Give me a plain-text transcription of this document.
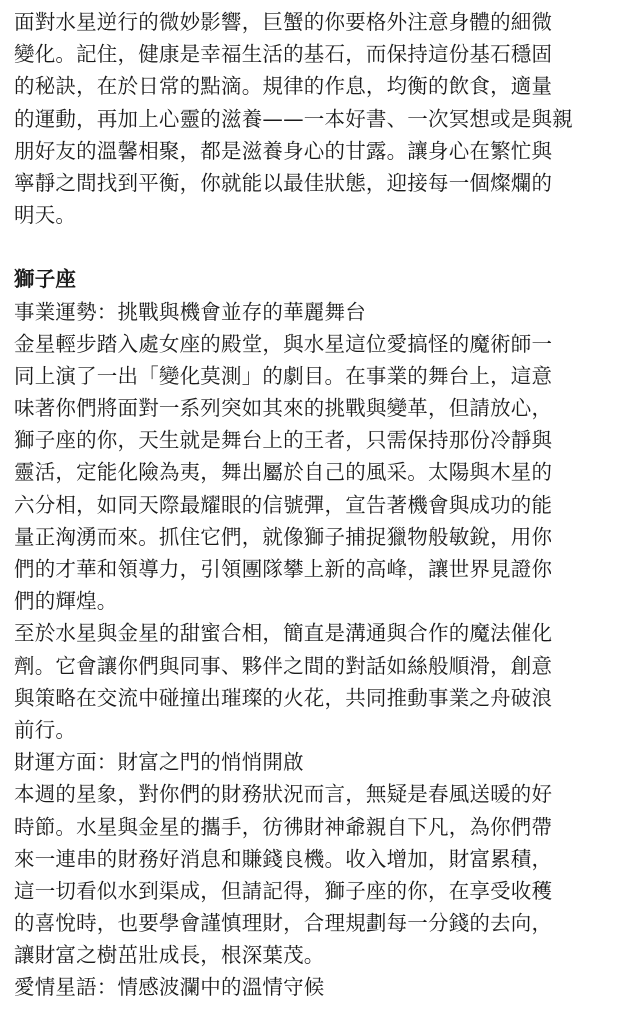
面對水星逆行的微妙影響，巨蟹的你要格外注意身體的細微
變化。記住，健康是幸福生活的基石，而保持這份基石穩固
的秘訣，在於日常的點滴。規律的作息，均衡的飲食，適量
的運動，再加上心靈的滋養——一本好書、一次冥想或是與親
朋好友的溫馨相聚，都是滋養身心的甘露。讓身心在繁忙與
寧靜之間找到平衡，你就能以最佳狀態，迎接每一個燦爛的
明天。
獅子座
事業運勢：挑戰與機會並存的華麗舞台
金星輕步踏入處女座的殿堂，與水星這位愛搞怪的魔術師一
同上演了一出「變化莫測」的劇目。在事業的舞台上，這意
味著你們將面對一系列突如其來的挑戰與變革，但請放心，
獅子座的你，天生就是舞台上的王者，只需保持那份冷靜與
靈活，定能化險為夷，舞出屬於自己的風采。太陽與木星的
六分相，如同天際最耀眼的信號彈，宣告著機會與成功的能
量正洶湧而來。抓住它們，就像獅子捕捉獵物般敏銳，用你
們的才華和領導力，引領團隊攀上新的高峰，讓世界見證你
們的輝煌。
至於水星與金星的甜蜜合相，簡直是溝通與合作的魔法催化
劑。它會讓你們與同事、夥伴之間的對話如絲般順滑，創意
與策略在交流中碰撞出璀璨的火花，共同推動事業之舟破浪
前行。
財運方面：財富之門的悄悄開啟
本週的星象，對你們的財務狀況而言，無疑是春風送暖的好
時節。水星與金星的攜手，彷彿財神爺親自下凡，為你們帶
來一連串的財務好消息和賺錢良機。收入增加，財富累積，
這一切看似水到渠成，但請記得，獅子座的你，在享受收穫
的喜悅時，也要學會謹慎理財，合理規劃每一分錢的去向，
讓財富之樹茁壯成長，根深葉茂。
愛情星語：情感波瀾中的溫情守候
